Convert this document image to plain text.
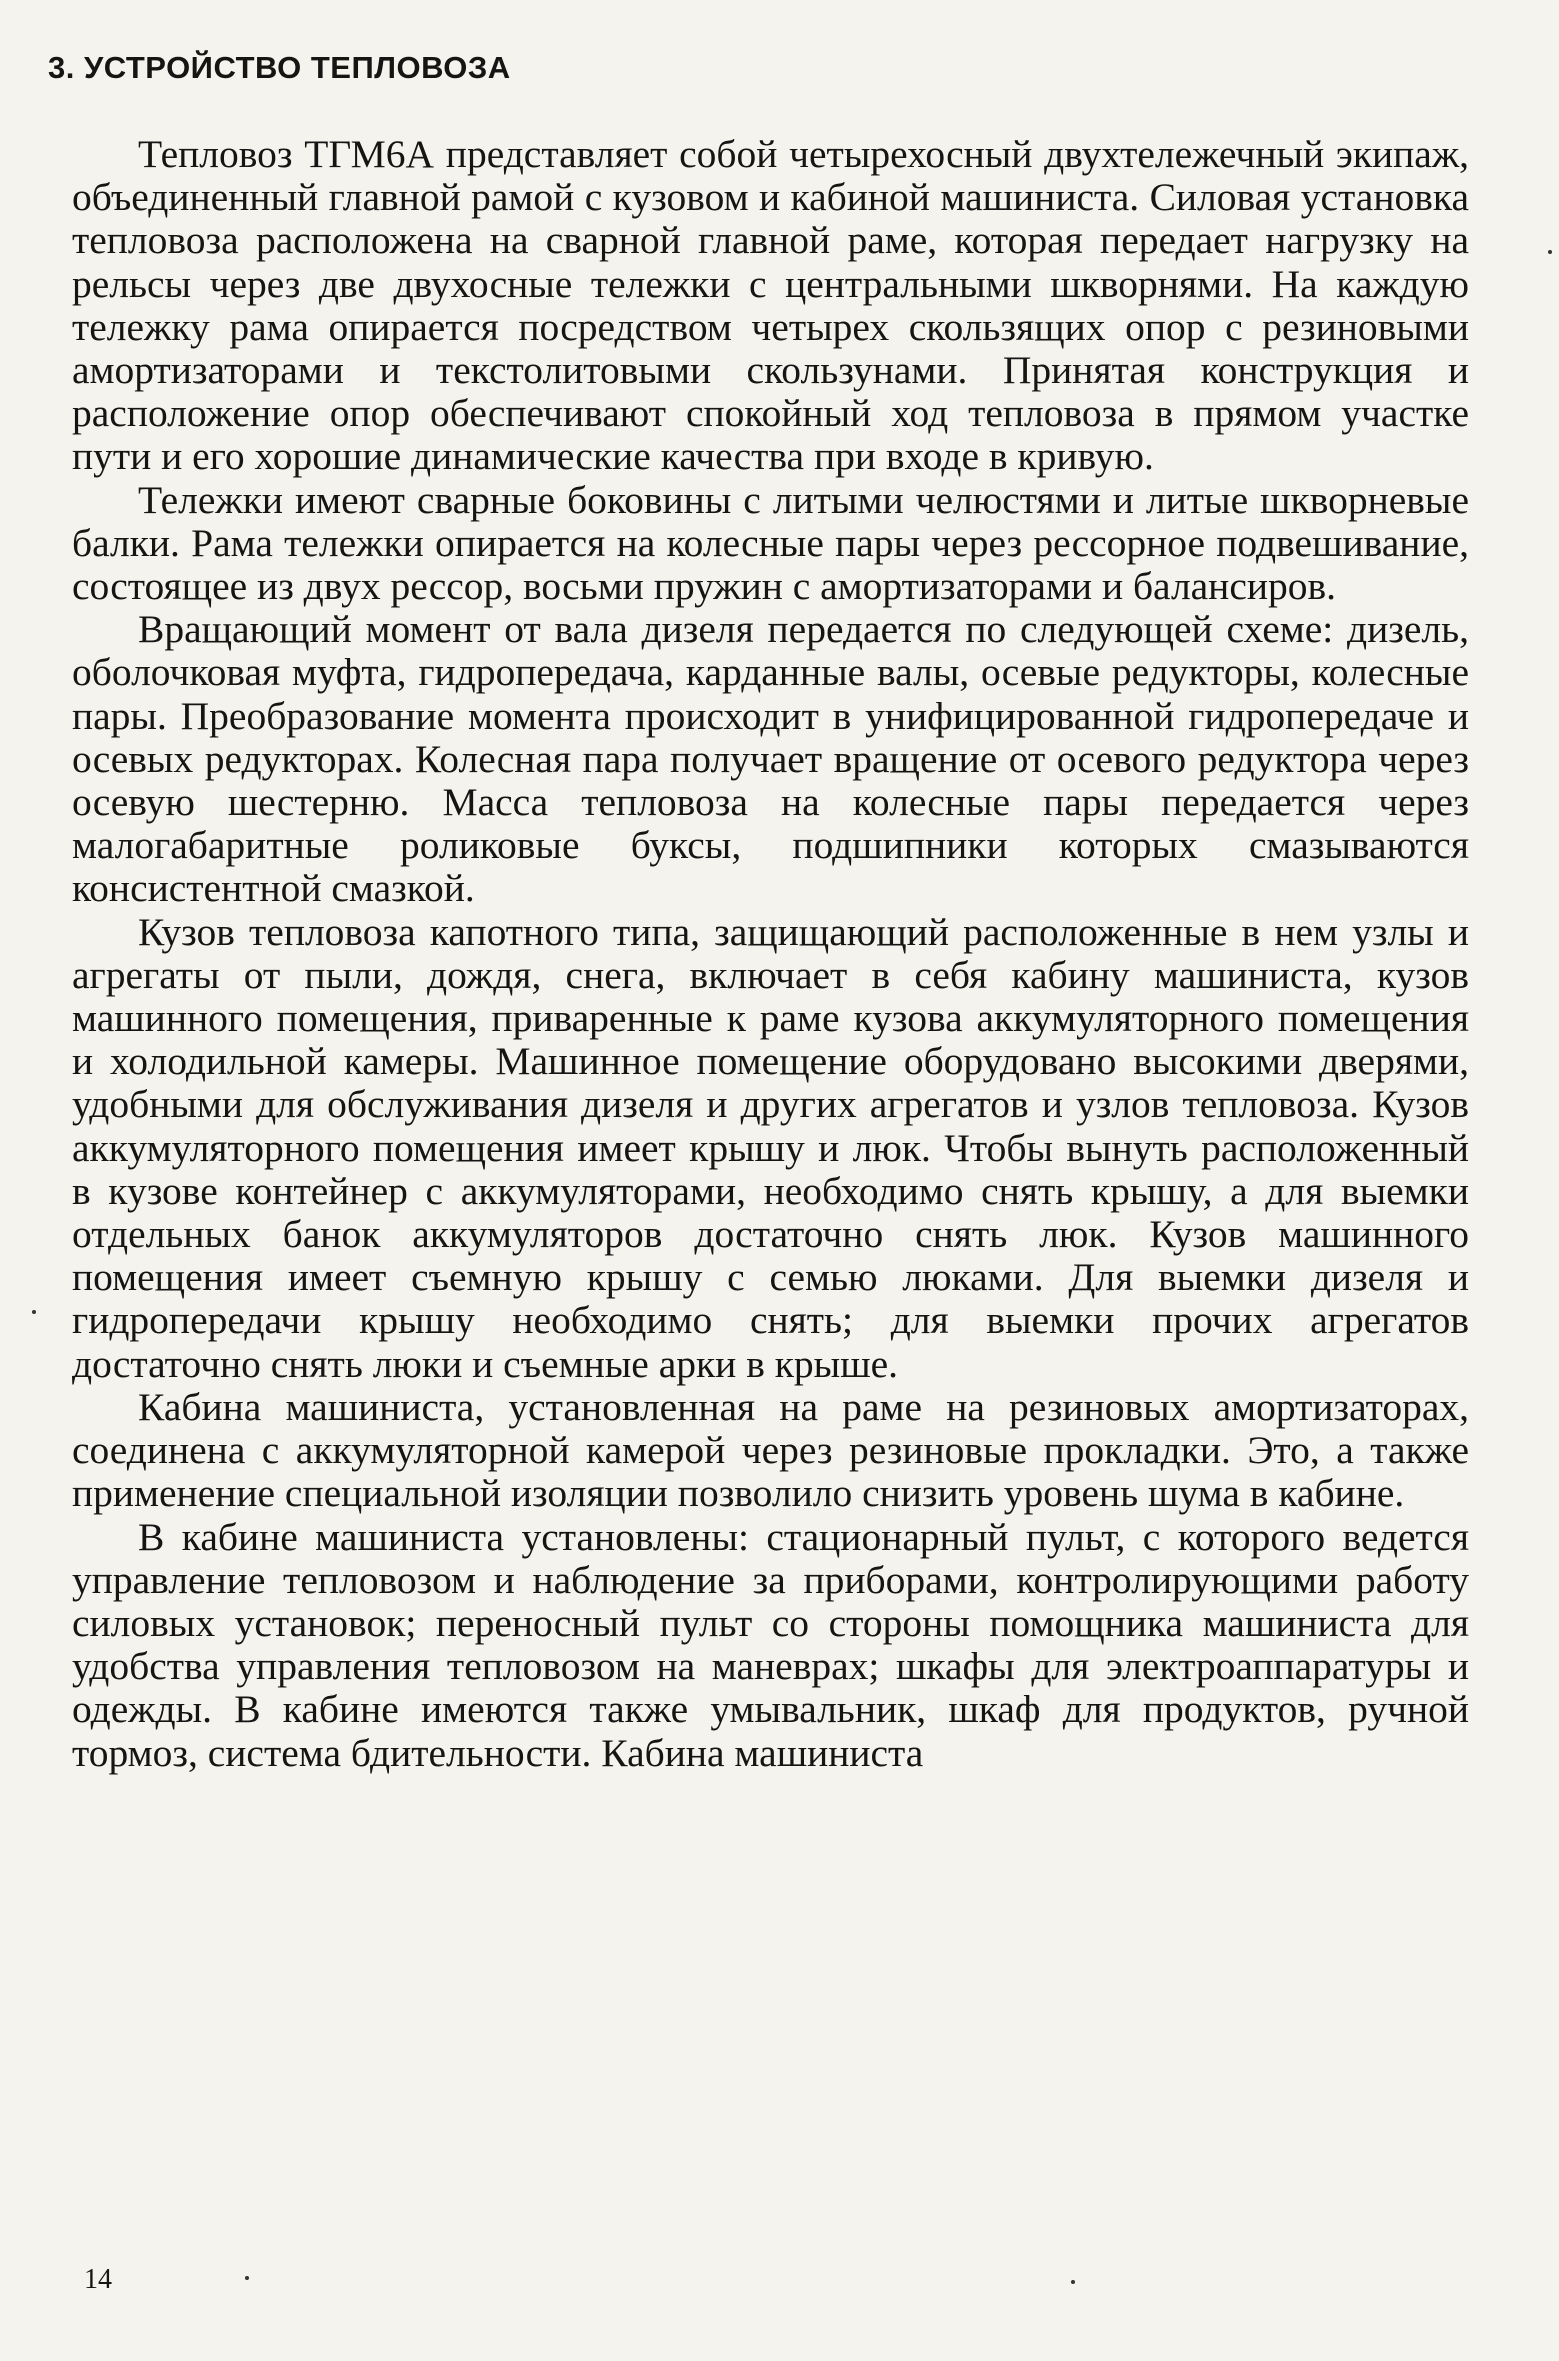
3. УСТРОЙСТВО ТЕПЛОВОЗА

Тепловоз ТГМ6А представляет собой четырехосный двухтележечный экипаж, объединенный главной рамой с кузовом и кабиной машиниста. Силовая установка тепловоза расположена на сварной главной раме, которая передает нагрузку на рельсы через две двухосные тележки с центральными шкворнями. На каждую тележку рама опирается посредством четырех скользящих опор с резиновыми амортизаторами и текстолитовыми скользунами. Принятая конструкция и расположение опор обеспечивают спокойный ход тепловоза в прямом участке пути и его хорошие динамические качества при входе в кривую.

Тележки имеют сварные боковины с литыми челюстями и литые шкворневые балки. Рама тележки опирается на колесные пары через рессорное подвешивание, состоящее из двух рессор, восьми пружин с амортизаторами и балансиров.

Вращающий момент от вала дизеля передается по следующей схеме: дизель, оболочковая муфта, гидропередача, карданные валы, осевые редукторы, колесные пары. Преобразование момента происходит в унифицированной гидропередаче и осевых редукторах. Колесная пара получает вращение от осевого редуктора через осевую шестерню. Масса тепловоза на колесные пары передается через малогабаритные роликовые буксы, подшипники которых смазываются консистентной смазкой.

Кузов тепловоза капотного типа, защищающий расположенные в нем узлы и агрегаты от пыли, дождя, снега, включает в себя кабину машиниста, кузов машинного помещения, приваренные к раме кузова аккумуляторного помещения и холодильной камеры. Машинное помещение оборудовано высокими дверями, удобными для обслуживания дизеля и других агрегатов и узлов тепловоза. Кузов аккумуляторного помещения имеет крышу и люк. Чтобы вынуть расположенный в кузове контейнер с аккумуляторами, необходимо снять крышу, а для выемки отдельных банок аккумуляторов достаточно снять люк. Кузов машинного помещения имеет съемную крышу с семью люками. Для выемки дизеля и гидропередачи крышу необходимо снять; для выемки прочих агрегатов достаточно снять люки и съемные арки в крыше.

Кабина машиниста, установленная на раме на резиновых амортизаторах, соединена с аккумуляторной камерой через резиновые прокладки. Это, а также применение специальной изоляции позволило снизить уровень шума в кабине.

В кабине машиниста установлены: стационарный пульт, с которого ведется управление тепловозом и наблюдение за приборами, контролирующими работу силовых установок; переносный пульт со стороны помощника машиниста для удобства управления тепловозом на маневрах; шкафы для электроаппаратуры и одежды. В кабине имеются также умывальник, шкаф для продуктов, ручной тормоз, система бдительности. Кабина машиниста

14
